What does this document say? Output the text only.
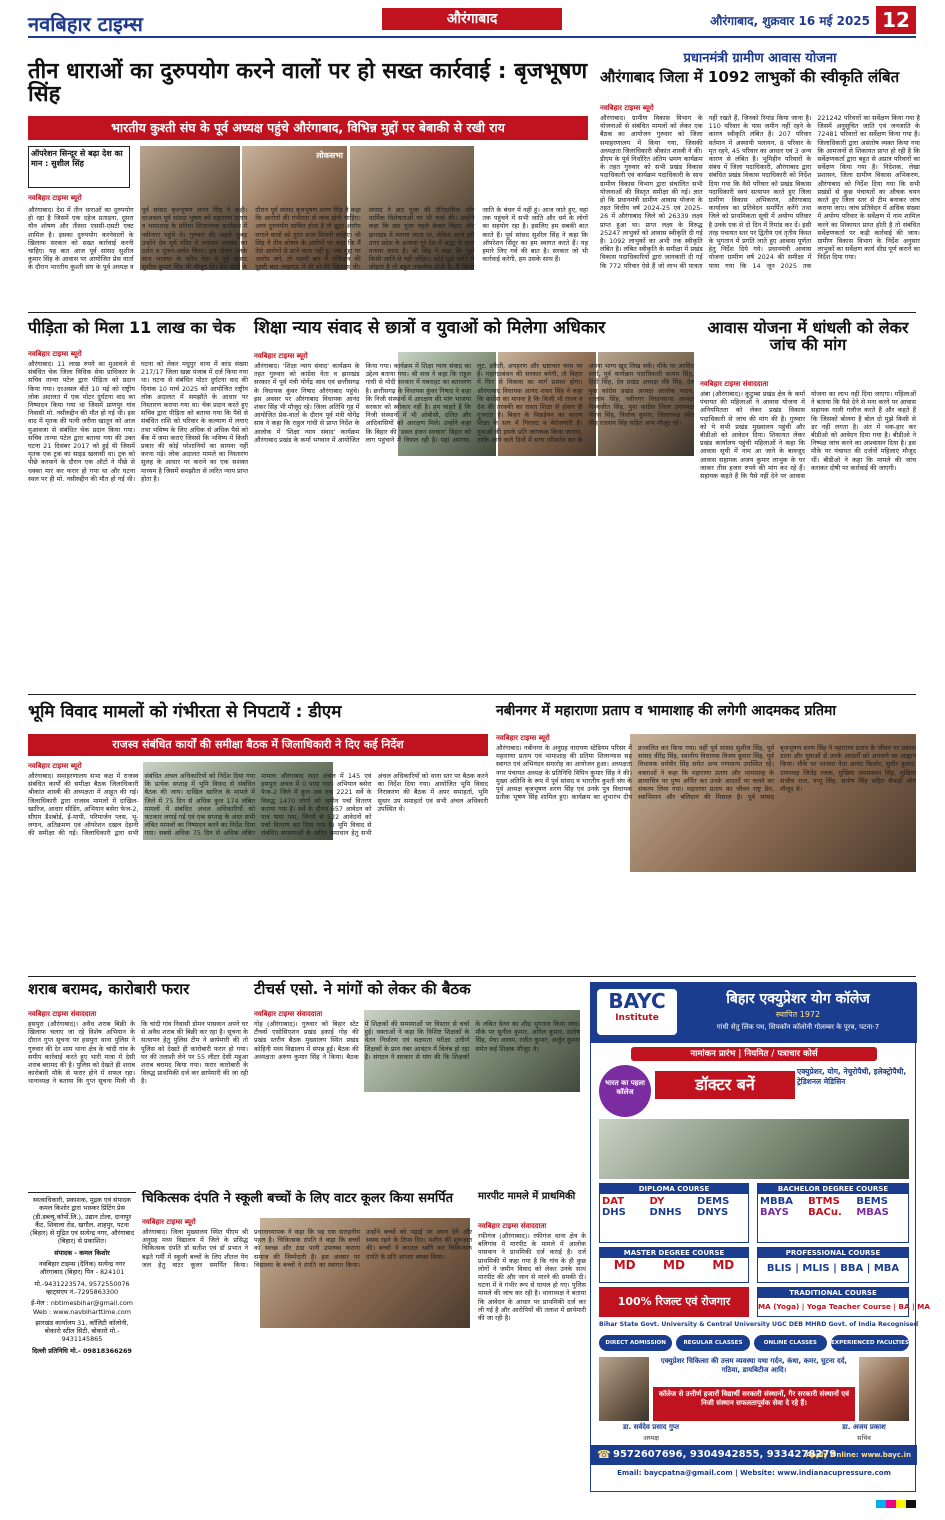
नवबिहार टाइम्स	औरंगाबाद	औरंगाबाद, शुक्रवार 16 मई 2025 12
तीन धाराओं का दुरुपयोग करने वालों पर हो सख्त कार्रवाई : बृजभूषण सिंह
भारतीय कुश्ती संघ के पूर्व अध्यक्ष पहुंचे औरंगाबाद, विभिन्न मुद्दों पर बेबाकी से रखी राय
ऑपरेशन सिन्दूर से बढ़ा देश का मान : सुशील सिंह
नवबिहार टाइम्स ब्यूरो
लोकसभा
औरंगाबाद। देश में तीन धाराओं का दुरुपयोग हो रहा है जिसमें एक दहेज प्रताड़ना, दूसरा यौन शोषण और तीसरा एससी-एसटी एक्ट शामिल है। इसका दुरुपयोग करनेवालों के खिलाफ सरकार को सख्त कार्रवाई करनी चाहिए। यह बात आज पूर्व सांसद सुशील कुमार सिंह के आवास पर आयोजित प्रेस वार्ता के दौरान भारतीय कुश्ती संघ के पूर्व अध्यक्ष व पूर्व सांसद बृजभूषण शरण सिंह ने कही। दरअसल पूर्व सांसद भूषण को महाराणा प्रताप व भामाशाह के प्रतिमा शिलान्यास कार्यक्रम में नवीनगर पहुंचे थे। गुरुवार की अहले सुबह उन्होंने देव सूर्य मंदिर में भगवान भास्कर का दर्शन व पूजन-अर्चन किया। इस दौरान उनके साथ भाजपा के वरीय नेता व पूर्व सांसद सुशील कुमार सिंह भी मौजूद रहे। प्रेस वार्ता के दौरान पूर्व सांसद बृजभूषण शरण सिंह ने कहा कि आरोपों की गंभीरता से जांच होनी चाहिए। अगर दुरुपयोग साबित होता है तो झूठा आरोप लगाने वालों को तुरंत सजा मिलनी चाहिए। श्री सिंह ने तीन शोषण के आरोपों पर कहा कि मैं ऐसे आरोपों से डरने वाला नहीं हूं। जब मुद्दा पर आरोप लगे, तो पहली बार मैं संविधान की दूसरी बात लखनऊ में थी वो मेरे खिलाफ थी। सांसद ने छठ पूजा की ऐतिहासिक और धार्मिक विशेषताओं पर भी चर्चा की। उन्होंने कहा कि छठ पूजा पहले केवल बिहार और झारखंड में मनाया जाता था, लेकिन आज इसे उत्तर प्रदेश के अलावा पूरे देश में श्रद्धा के साथ मनाया जाता है। श्री सिंह ने कहा कि मुझे किसी जाति से नहीं जोड़िए। कोई मुझे जाति से जोड़ता है तो बहुत तकलीफ होती है। मैं किसी जाति के बंधन में नहीं हूं। आज जाते हुए, वहां तक पहुंचने में सभी जाति और धर्म के लोगों का सहयोग रहा है। इसलिए हम सबकी बात करते हैं। पूर्व सांसद सुशील सिंह ने कहा कि ऑपरेशन सिंदूर का हम स्वागत करते हैं। यह हमारे लिए गर्व की बात है। सरकार जो भी कार्रवाई करेगी, हम उसके साथ हैं।
प्रधानमंत्री ग्रामीण आवास योजना
औरंगाबाद जिला में 1092 लाभुकों की स्वीकृति लंबित
नवबिहार टाइम्स ब्यूरो
औरंगाबाद। ग्रामीण विकास विभाग के योजनाओं से संबंधित मामलों को लेकर एक बैठक का आयोजन गुरुवार को जिला समाहरणालय में किया गया, जिसकी अध्यक्षता जिलाधिकारी श्रीकांत शास्त्री ने की। डीएम के पूर्व निर्धारित अंतिम भ्रमण कार्यक्रम के तहत गुरुवार को सभी प्रखंड विकास पदाधिकारी एवं कार्यक्रम पदाधिकारी के साथ ग्रामीण विकास विभाग द्वारा संचालित सभी योजनाओं की विस्तृत समीक्षा की गई। ज्ञात हो कि प्रधानमंत्री ग्रामीण आवास योजना के तहत वित्तीय वर्ष 2024-25 एवं 2025-26 में औरंगाबाद जिले को 26339 लक्ष्य प्राप्त हुआ था। प्राप्त लक्ष्य के विरुद्ध 25247 लाभुकों को आवास स्वीकृति दी गई है। 1092 लाभुकों का अभी तक स्वीकृति लंबित है। लंबित स्वीकृति के समीक्षा में प्रखंड विकास पदाधिकारियों द्वारा जानकारी दी गई कि 772 परिवार ऐसे हैं जो लाभ की पात्रता नहीं रखते हैं, जिनको रिमांड किया जाना है। 110 परिवार के पास जमीन नहीं रहने के कारण स्वीकृति लंबित है। 207 परिवार वर्तमान में अस्थायी पलायन, 8 परिवार के मृत रहने, 45 परिवार का आधार एवं 3 अन्य कारण से लंबित है। भूमिहीन परिवारों के संबंध में जिला पदाधिकारी, औरंगाबाद द्वारा संबंधित प्रखंड विकास पदाधिकारी को निर्देश दिया गया कि वैसे परिवार को प्रखंड विकास पदाधिकारी स्वयं सत्यापन करते हुए जिला ग्रामीण विकास अभिकरण, औरंगाबाद कार्यालय का प्रतिवेदन समर्पित करेंगे तथा जिले को प्राथमिकता सूची में अयोग्य परिवार है उनके एक से दो दिन में रिमांड कर दें। इसी तरह पंचायत स्तर पर द्वितीय एवं तृतीय किस्त के भुगतान में प्रगति लाते हुए आवास पूर्णता हेतु निर्देश दिये गये। प्रधानमंत्री आवास योजना ग्रामीण वर्ष 2024 की समीक्षा में पाया गया कि 14 जून 2025 तक 221242 परिवारों का सर्वेक्षण किया गया है जिसमें अनुसूचित जाति एवं जनजाति के 72481 परिवारों का सर्वेक्षण किया गया है। जिलाधिकारी द्वारा असंतोष व्यक्त किया गया कि आमजनों से शिकायत प्राप्त हो रही है कि सर्वेक्षणकर्ता द्वारा बहुत से अप्रात्र परिवारों का सर्वेक्षण किया गया है। निदेशक, लेखा प्रशासन, जिला ग्रामीण विकास अभिकरण, औरंगाबाद को निर्देश दिया गया कि सभी प्रखंडों से कुछ पंचायतों का औचक चयन करते हुए जिला स्तर से टीम बनाकर जांच कराया जाए। जांच प्रतिवेदन में अधिक संख्या में अयोग्य परिवार के सर्वेक्षण में नाम शामिल करने का शिकायत प्राप्त होती है तो संबंधित सर्वेक्षणकर्ता पर कड़ी कार्रवाई की जाय। ग्रामीण विकास विभाग के निर्देश अनुसार लाभुकों का सर्वेक्षण कार्य शीघ्र पूर्ण कराने का निर्देश दिया गया।
पीड़िता को मिला 11 लाख का चेक
नवबिहार टाइम्स ब्यूरो
औरंगाबाद। 11 लाख रुपये का मुआवजे से संबंधित चेक जिला विधिक सेवा प्राधिकार के सचिव तान्या पटेल द्वारा पीड़िता को प्रदान किया गया। दरअसल बीते 10 मई को राष्ट्रीय लोक अदालत में एक मोटर दुर्घटना वाद का निष्पादन किया गया था जिसमें प्राणपुर गांव निवासी मो. नसीरुद्दीन की मौत हो गई थी। इस वाद में मृतक की पत्नी जरीना खातून को आज मुआवजा से संबंधित चेक प्रदान किया गया। सचिव तान्या पटेल द्वारा बताया गया की उक्त घटना 21 दिसंबर 2017 को हुई थी जिसमें मृतक एक ट्रक का साइड खलासी था। ट्रक को पीछे करवाने के दौरान एक ऑटो ने पीछे से धक्का मार कर फरार हो गया था और घटना स्थल पर ही मो. नसीरुद्दीन की मौत हो गई थी। घटना को लेकर मधुपुर थाना में कांड संख्या 217/17 जिला खन्ना पंजाब में दर्ज किया गया था। घटना से संबंधित मोटर दुर्घटना वाद की दिनांक 10 मार्च 2025 को आयोजित राष्ट्रीय लोक अदालत में समझौते के आधार पर निस्तारण कराया गया था। चेक प्रदान करते हुए सचिव द्वारा पीड़िता को बताया गया कि पैसे से संबंधित राशि को परिवार के कल्याण में लगाएं तथा भविष्य के लिए अधिक से अधिक पैसे को बैंक में जमा कराएं जिससे कि भविष्य में किसी प्रकार की कोई परेशानियों का सामना नहीं करना पड़े। लोक अदालत मामले का निस्तारण सुलह के आधार पर कराने का एक सशक्त माध्यम है जिसमें समझौता से त्वरित न्याय प्राप्त होता है।
शिक्षा न्याय संवाद से छात्रों व युवाओं को मिलेगा अधिकार
नवबिहार टाइम्स ब्यूरो
औरंगाबाद। 'शिक्षा न्याय संवाद' कार्यक्रम के तहत गुरुवार को कांग्रेस नेता व झारखंड सरकार में पूर्व मंत्री योगेंद्र साव एवं छत्तीसगढ़ के विधायक कुंवर निषाद औरंगाबाद पहुंचे। इस अवसर पर औरंगाबाद विधायक आनंद शंकर सिंह भी मौजूद रहे। जिला अतिथि गृह में आयोजित प्रेस-वार्ता के दौरान पूर्व मंत्री योगेंद्र साव ने कहा कि राहुल गांधी से प्राप्त निर्देश के आलोक में 'शिक्षा न्याय संवाद' कार्यक्रम औरंगाबाद प्रखंड के कर्मा भगवान में आयोजित किया गया। कार्यक्रम में शिक्षा न्याय संवाद का उद्देश्य बताया गया। श्री साव ने कहा कि राहुल गांधी से मोदी सरकार में घबराहट का बतावरण है। छत्तीसगढ़ के विधायक कुंवर निषाद ने कहा कि निजी संस्थानों में आरक्षण की मांग भाजपा सरकार को स्वीकार नहीं है। हम चाहते हैं कि निजी संस्थानों में भी ओबीसी, दलित और आदिवासियों को आरक्षण मिले। उन्होंने कहा कि बिहार की 'डबल इंजन सरकार' बिहार को लाग पहुंचाने में विफल रही है। यहां अपराध, लूट, डकैती, अपहरण और भ्रष्टाचार चरम पर है। महागठबंधन की सरकार बनेगी, तो बिहार में फिर से विकास का मार्ग प्रशस्त होगा। औरंगाबाद विधायक आनंद शंकर सिंह ने कहा कि कांग्रेस का मानना है कि किसी भी राज्य व देश की तरक्की का रास्ता शिक्षा से होकर ही गुजरता है। बिहार के पिछड़ेपन का कारण शिक्षा के स्तर में गिरावट व बेरोजगारी है। युवाओं की इसके प्रति जागरूक किया जाएगा, ताकि आने वाले दिनों में सत्ता परिवर्तन कर के अपना भाग्य खुद लिख सकें। मौके पर अरविंद शर्मा, पूर्व कार्यक्रम पदाधिकारी सत्यम सिंह, हिंदी सिंह, देव प्रखंड अध्यक्ष रवि सिंह, देव युवा कांग्रेस प्रखंड अध्यक्ष आलोक यादव, रतलाम सिंह, नवीनगर विधानसभा अध्यक्ष विश्वजीत सिंह, युवा कांग्रेस जिला उपाध्यक्ष नीरज सिंह, त्रिलोक कुमार, जिलाध्यक्ष श्वेत सिंह रतलाम सिंह सहित अन्य मौजूद रहे।
आवास योजना में धांधली को लेकर जांच की मांग
नवबिहार टाइम्स संवाददाता
अंबा (औरंगाबाद)। कुटुम्बा प्रखंड क्षेत्र के कर्मा पंचायत की महिलाओं ने आवास योजना में अनियमितता को लेकर प्रखंड विकास पदाधिकारी से जांच की मांग की है। गुरुवार को ये सभी प्रखंड मुख्यालय पहुंची और बीडीओ को आवेदन दिया। शिकायत लेकर प्रखंड कार्यालय पहुंची महिलाओं ने कहा कि आवास सूची में नाम आ जाने के बावजूद आवास सहायक अजय कुमार लाभुक के घर जाकर तीस हजार रुपये की मांग कर रहे हैं। सहायक कहते हैं कि पैसे नहीं देने पर आवास योजना का लाभ नहीं दिया जाएगा। महिलाओं ने बताया कि पैसे देने से मना करने पर आवास सहायक गाली गलौज करते हैं और कहते हैं कि जिसको बोलना है बोल दो मुझे किसी से डर नहीं लगता है। अंत में थक-हार कर बीडीओ को आवेदन दिया गया है। बीडीओ ने निष्पक्ष जांच करने का आश्वासन दिया है। इस मौके पर पंचायत की दर्जनों महिलाएं मौजूद थीं। बीडीओ ने कहा कि मामले की जांच कराकर दोषी पर कार्रवाई की जाएगी।
भूमि विवाद मामलों को गंभीरता से निपटायें : डीएम
राजस्व संबंधित कार्यों की समीक्षा बैठक में जिलाधिकारी ने दिए कई निर्देश
नवबिहार टाइम्स ब्यूरो
औरंगाबाद। समाहरणालय सभा कक्ष में राजस्व संबंधित कार्यों की समीक्षा बैठक जिलाधिकारी श्रीकांत शास्त्री की अध्यक्षता में आहूत की गई। जिलाधिकारी द्वारा राजस्व मामलों में दाखिल-खारिज, आधार सीडिंग, अभियान बसेरा फेज-2, सीएम डैशबोर्ड, ई-मापी, परिमार्जन प्लस, भू-लगान, अतिक्रमण एवं ऑपरेशन दखल देहानी की समीक्षा की गई। जिलाधिकारी द्वारा सभी संबंधित अंचल अधिकारियों को निर्देश दिया गया कि प्रत्येक सप्ताह में भूमि विवाद से संबंधित बैठक की जाय। दाखिल खारिज के मामले में जिले में 75 दिन से अधिक कुल 174 लंबित मामलों में संबंधित अंचल अधिकारियों को फटकार लगाई गई एवं एक सप्ताह के अंदर सभी लंबित मामलों का निष्पादन करने का निर्देश दिया गया। सबसे अधिक 75 दिन से अधिक लंबित मामला औरंगाबाद सदर अंचल में 145 एवं हसपुरा अंचल में 0 पाया गया। अभियान बसेरा फेज-2 जिले में कुल अब तक 2221 सर्वे के विरुद्ध 1470 लोगों को जमीन पर्चा वितरण कराया गया है। सर्वे के दौरान 657 आवेदन को पात्र पाया गया, जिनमें से 522 आवेदनों को पर्चा वितरण कर दिया गया है। भूमि विवाद से संबंधित समस्याओं के त्वरित समाधान हेतु सभी अंचल अधिकारियों को थाना स्तर पर बैठक करने का निर्देश दिया गया। आयोजित भूमि विवाद निराकरण की बैठक में अपर समाहर्ता, भूमि सुधार उप समाहर्ता एवं सभी अंचल अधिकारी उपस्थित थे।
नबीनगर में महाराणा प्रताप व भामाशाह की लगेगी आदमकद प्रतिमा
नवबिहार टाइम्स ब्यूरो
औरंगाबाद। नबीनगर के अनुग्रह नारायण स्टेडियम परिसर में महाराणा प्रताप एवं भामाशाह की प्रतिमा शिलान्यास सह स्वागत एवं अभिनंदन समारोह का आयोजन हुआ। अध्यक्षता नगर पंचायत अध्यक्ष के प्रतिनिधि विपिन कुमार सिंह ने की। मुख्य अतिथि के रूप में पूर्व सांसद व भारतीय कुश्ती संघ के पूर्व अध्यक्ष बृजभूषण शरण सिंह एवं उनके पुत्र विधायक प्रतीक भूषण सिंह शामिल हुए। कार्यक्रम का शुभारंभ दीप प्रज्वलित कर किया गया। वहीं पूर्व सांसद सुशील सिंह, पूर्व सांसद वीरेंद्र सिंह, स्थानीय विधायक विजय कुमार सिंह, पूर्व विधायक धर्मवीर सिंह समेत अन्य गणमान्य उपस्थित रहे। वक्ताओं ने कहा कि महाराणा प्रताप और भामाशाह के छायाचित्र पर पुष्प अर्पित कर उनके आदर्शों पर चलने का संकल्प लिया गया। महाराणा प्रताप का जीवन राष्ट्र प्रेम, स्वाभिमान और बलिदान की मिसाल है। पूर्व सांसद बृजभूषण शरण सिंह ने महाराणा प्रताप के जीवन पर प्रकाश डाला और युवाओं से उनके आदर्शों को अपनाने का आह्वान किया। मौके पर भाजपा नेता आनंद किशोर, सुधीर कुमार, उपाध्यक्ष जितेंद्र रजक, मुखिया जयप्रकाश सिंह, मुखिया संजीव राज, पप्पू सिंह, संतोष सिंह सहित सैकड़ों लोग मौजूद थे।
शराब बरामद, कारोबारी फरार
नवबिहार टाइम्स संवाददाता
हसपुरा (औरंगाबाद)। अवैध शराब बिक्री के खिलाफ चलाए जा रहे विशेष अभियान के दौरान गुप्त सूचना पर हसपुरा थाना पुलिस ने गुरुवार की देर शाम थाना क्षेत्र के चांदी गांव के समीप कार्रवाई करते हुए भारी मात्रा में देसी शराब बरामद की है। पुलिस को देखते ही शराब कारोबारी मौके से फरार होने में सफल रहा। थानाध्यक्ष ने बताया कि गुप्त सूचना मिली थी कि चांदी गांव निवासी डोमन पासवान अपने घर से अवैध शराब की बिक्री कर रहा है। सूचना के सत्यापन हेतु पुलिस टीम ने छापेमारी की तो पुलिस को देखते ही कारोबारी फरार हो गया। घर की तलाशी लेने पर 55 लीटर देसी महुआ शराब बरामद किया गया। फरार कारोबारी के विरुद्ध प्राथमिकी दर्ज कर छापेमारी की जा रही है।
टीचर्स एसो. ने मांगों को लेकर की बैठक
नवबिहार टाइम्स संवाददाता
गोह (औरंगाबाद)। गुरुवार को बिहार स्टेट टीचर्स एसोसिएशन प्रखंड इकाई गोह की प्रखंड स्तरीय बैठक मुख्यालय स्थित प्रखंड कोहिनी मध्य विद्यालय में संपन्न हुई। बैठक की अध्यक्षता अरुण कुमार सिंह ने किया। बैठक में शिक्षकों की समस्याओं पर विस्तार से चर्चा हुई। वक्ताओं ने कहा कि विशिष्ट शिक्षकों के वेतन निर्धारण एवं सक्षमता परीक्षा उत्तीर्ण शिक्षकों के प्रान नंबर आवंटन में विलंब हो रहा है। संगठन ने सरकार से मांग की कि शिक्षकों के लंबित वेतन का शीघ्र भुगतान किया जाए। मौके पर सुनील कुमार, अनिल कुमार, संतोष सिंह, मेघा आलम, रंजीत कुमार, अर्जुन कुमार समेत कई शिक्षक मौजूद थे।
स्वत्वाधिकारी, प्रकाशक, मुद्रक एवं संपादक कमल किशोर द्वारा भास्कर प्रिंटिंग प्रेस (डी.डब्ल्यू.कॉर्पो.लि.), उद्यान टोला, दानापुर कैंट, शिवाला रोड, खगौल, शाहपुर, पटना (बिहार) से मुद्रित एवं सत्येन्द्र नगर, औरंगाबाद (बिहार) से प्रकाशित।
संपादक - कमल किशोर
नवबिहार टाइम्स (दैनिक) सत्येन्द्र नगर औरंगाबाद (बिहार) पिन - 824101
मो.-9431223574, 9572550076 व्हाट्सएप नं.-7295863300
ई-मेल : nbtimesbihar@gmail.com
Web : www.navbiharttime.com
झारखंड कार्यालय 31, कॉलिटी कॉलोनी, बोकारो स्टील सिटी, बोकारो मो.- 9431145865
दिल्ली प्रतिनिधि मो.- 09818366269
चिकित्सक दंपति ने स्कूली बच्चों के लिए वाटर कूलर किया समर्पित
नवबिहार टाइम्स ब्यूरो
औरंगाबाद। जिला मुख्यालय स्थित पीएम श्री अनुग्रह मध्य विद्यालय में जिले के प्रसिद्ध चिकित्सक दंपति डॉ सतीश एवं डॉ प्रभात ने बढ़ते गर्मी में स्कूली बच्चों के लिए शीतल पेय जल हेतु वाटर कूलर समर्पित किया। प्रधानाध्यापक ने कहा कि यह एक सराहनीय पहल है। चिकित्सक दंपति ने कहा कि बच्चों को स्वच्छ और ठंडा पानी उपलब्ध कराना समाज की जिम्मेदारी है। इस अवसर पर विद्यालय के बच्चों ने दंपति का स्वागत किया। उन्होंने बच्चों को पढ़ाई पर ध्यान देने और स्वस्थ रहने के टिप्स दिए। मशीन की शुरुआत की। बच्चों ने करतल ध्वनि कर चिकित्सक दंपति के प्रति आभार व्यक्त किया।
मारपीट मामले में प्राथमिकी
नवबिहार टाइम्स संवाददाता
रफीगंज (औरंगाबाद)। रफीगंज थाना क्षेत्र के बलिगांव में मारपीट के मामले में आलोक पासवान ने प्राथमिकी दर्ज कराई है। दर्ज प्राथमिकी में कहा गया है कि गांव के ही कुछ लोगों ने जमीन विवाद को लेकर उनके साथ मारपीट की और जान से मारने की धमकी दी। घटना में वे गंभीर रूप से घायल हो गए। पुलिस मामले की जांच कर रही है। थानाध्यक्ष ने बताया कि आवेदन के आधार पर प्राथमिकी दर्ज कर ली गई है और आरोपियों की तलाश में छापेमारी की जा रही है।
BAYC
Institute
बिहार एक्युप्रेशर योग कॉलेज
स्थापित 1972
गांधी सेतु लिंक पथ, सिपकॉन कॉलोनी गोलम्बर के पूरब, पटना-7
नामांकन प्रारंभ | नियमित / पत्राचार कोर्स
भारत का पहला कॉलेज	डॉक्टर बनें
एक्युप्रेशर, योग, नेचुरोपैथी, इलेक्ट्रोपैथी, ट्रेडिशनल मेडिसिन
DIPLOMA COURSE
DAT	DY	DEMS
DHS	DNHS	DNYS
BACHELOR DEGREE COURSE
MBBA	BTMS	BEMS
BAYS	BACu.	MBAS
MASTER DEGREE COURSE
MD MD MD
PROFESSIONAL COURSE
BLIS | MLIS | BBA | MBA
TRADITIONAL COURSE
MA (Yoga) | Yoga Teacher Course | BA | MA
100% रिजल्ट एवं रोजगार
Bihar State Govt. University & Central University UGC DEB MHRD Govt. of India Recognised
DIRECT ADMISSION	REGULAR CLASSES	ONLINE CLASSES	EXPERIENCED FACULTIES
एक्युप्रेशर चिकित्सा की उत्तम व्यवस्था यथा गर्दन, कंधा, कमर, घुटना दर्द, गठिया, डायबिटीज आदि।
कॉलेज से उत्तीर्ण हजारों विद्यार्थी सरकारी संस्थानों, गैर सरकारी संस्थानों एवं निजी संस्थान सफलतापूर्वक सेवा दे रहे हैं।
डा. सर्वदेव प्रसाद गुप्त
अध्यक्ष
डा. अजय प्रकाश
सचिव
☎ 9572607696, 9304942855, 9334278279
Apply Online: www.bayc.in
Email: baycpatna@gmail.com | Website: www.indianacupressure.com
